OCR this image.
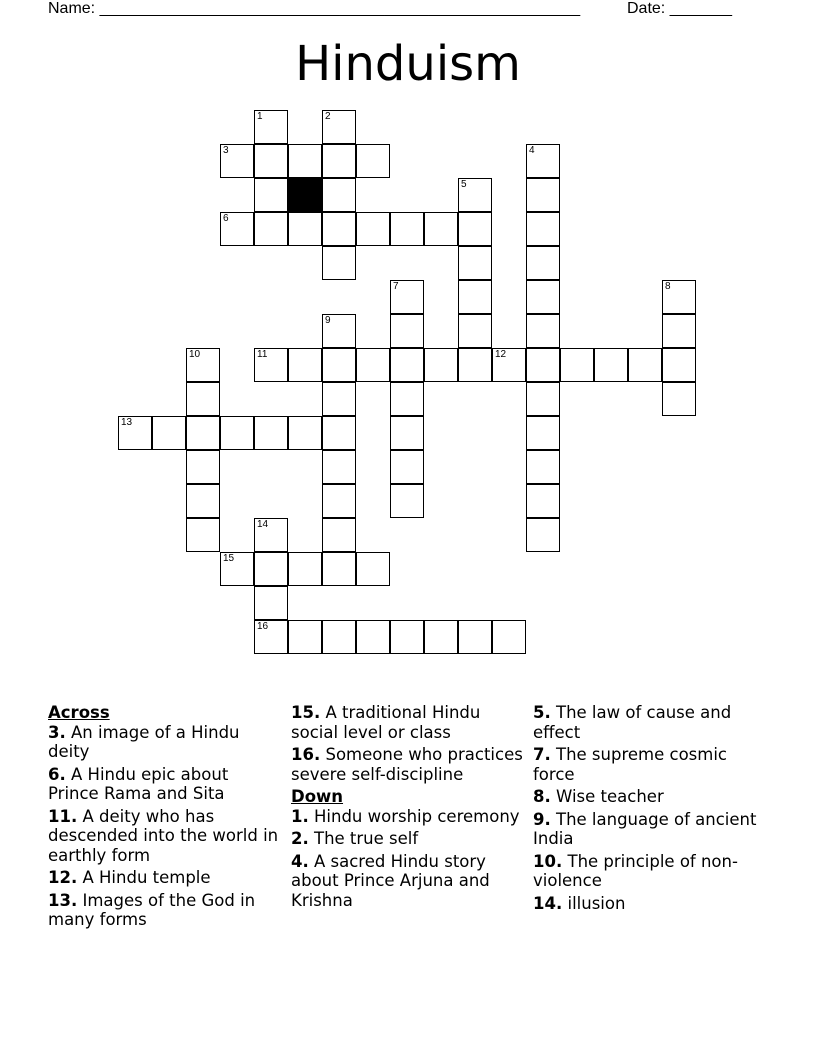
Name: ______________________________________________________	Date: _______
Hinduism
1	2
3	4
5
6
7	8
9
10	11	12
13
14
15
16
Across
3. An image of a Hindu deity
6. A Hindu epic about Prince Rama and Sita
11. A deity who has descended into the world in earthly form
12. A Hindu temple
13. Images of the God in many forms
15. A traditional Hindu social level or class
16. Someone who practices severe self-discipline
Down
1. Hindu worship ceremony
2. The true self
4. A sacred Hindu story about Prince Arjuna and Krishna
5. The law of cause and effect
7. The supreme cosmic force
8. Wise teacher
9. The language of ancient India
10. The principle of non-violence
14. illusion
